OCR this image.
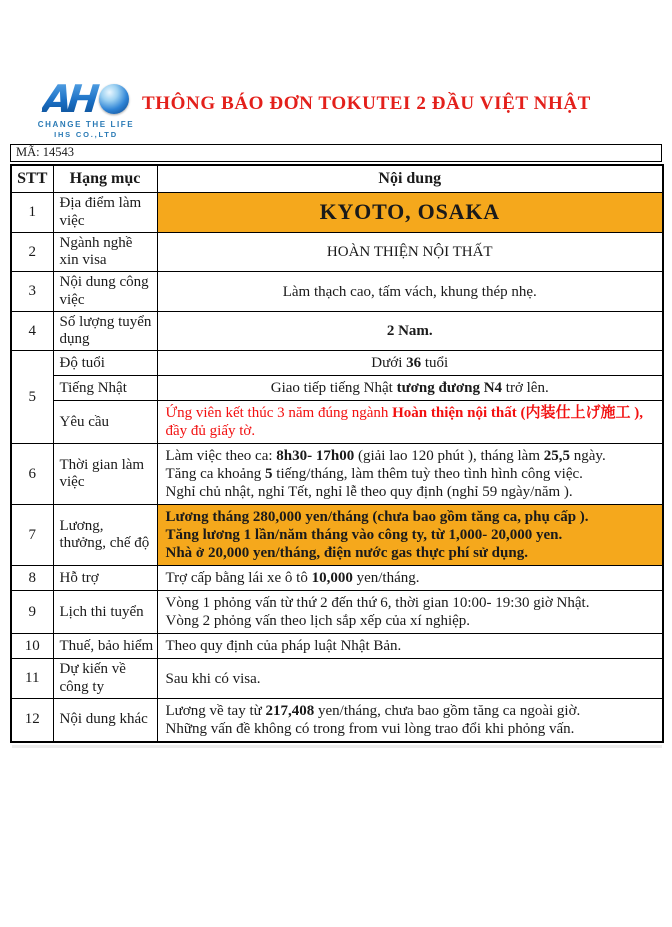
AH
CHANGE THE LIFE
IHS CO.,LTD
THÔNG BÁO ĐƠN TOKUTEI 2 ĐẦU VIỆT NHẬT
MÃ: 14543
STT	Hạng mục	Nội dung
1	Địa điểm làm việc	KYOTO, OSAKA

2	Ngành nghề xin visa	HOÀN THIỆN NỘI THẤT

3	Nội dung công việc	Làm thạch cao, tấm vách, khung thép nhẹ.

4	Số lượng tuyển dụng	2 Nam.

5	Độ tuổi	Dưới 36 tuổi

	Tiếng Nhật	Giao tiếp tiếng Nhật tương đương N4 trở lên.

	Yêu cầu	Ứng viên kết thúc 3 năm đúng ngành Hoàn thiện nội thất (内装仕上げ施工 ), đầy đủ giấy tờ.

6	Thời gian làm việc	Làm việc theo ca: 8h30- 17h00 (giải lao 120 phút ), tháng làm 25,5 ngày.
Tăng ca khoảng 5 tiếng/tháng, làm thêm tuỳ theo tình hình công việc.
Nghỉ chủ nhật, nghỉ Tết, nghỉ lễ theo quy định (nghỉ 59 ngày/năm ).

7	Lương, thưởng, chế độ	Lương tháng 280,000 yen/tháng (chưa bao gồm tăng ca, phụ cấp ).
Tăng lương 1 lần/năm tháng vào công ty, từ 1,000- 20,000 yen.
Nhà ở 20,000 yen/tháng, điện nước gas thực phí sử dụng.

8	Hỗ trợ	Trợ cấp bằng lái xe ô tô 10,000 yen/tháng.

9	Lịch thi tuyển	Vòng 1 phỏng vấn từ thứ 2 đến thứ 6, thời gian 10:00- 19:30 giờ Nhật.
Vòng 2 phỏng vấn theo lịch sắp xếp của xí nghiệp.

10	Thuế, bảo hiểm	Theo quy định của pháp luật Nhật Bản.

11	Dự kiến về công ty	Sau khi có visa.

12	Nội dung khác	Lương về tay từ 217,408 yen/tháng, chưa bao gồm tăng ca ngoài giờ.
Những vấn đề không có trong from vui lòng trao đổi khi phỏng vấn.
